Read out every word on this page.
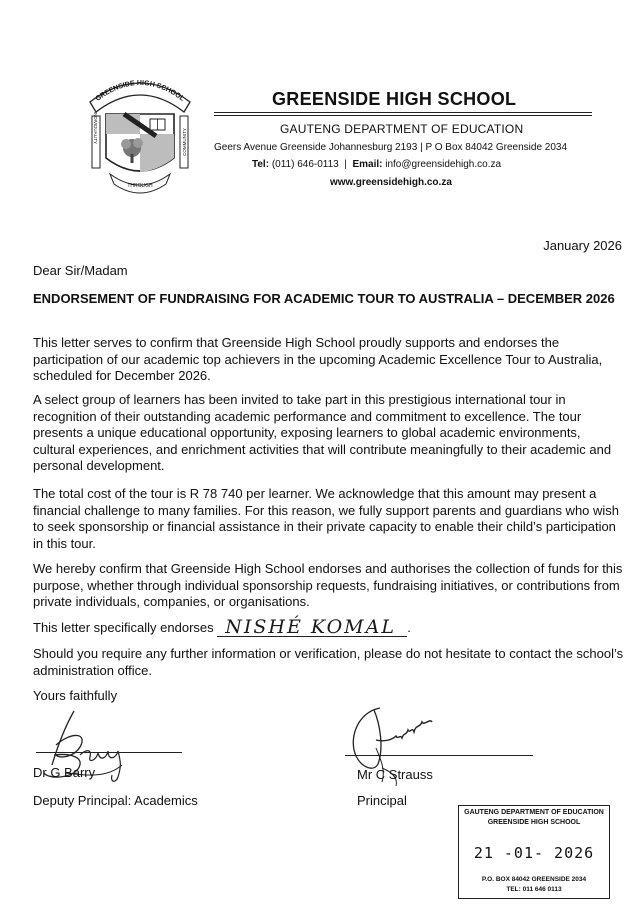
GREENSIDE HIGH SCHOOL
INDIVIDUALITY	COMMUNITY
THROUGH
GREENSIDE HIGH SCHOOL
GAUTENG DEPARTMENT OF EDUCATION
Geers Avenue Greenside Johannesburg 2193 | P O Box 84042 Greenside 2034
Tel: (011) 646-0113  |  Email: info@greensidehigh.co.za
www.greensidehigh.co.za
January 2026
Dear Sir/Madam
ENDORSEMENT OF FUNDRAISING FOR ACADEMIC TOUR TO AUSTRALIA – DECEMBER 2026
This letter serves to confirm that Greenside High School proudly supports and endorses the participation of our academic top achievers in the upcoming Academic Excellence Tour to Australia, scheduled for December 2026.
A select group of learners has been invited to take part in this prestigious international tour in recognition of their outstanding academic performance and commitment to excellence. The tour presents a unique educational opportunity, exposing learners to global academic environments, cultural experiences, and enrichment activities that will contribute meaningfully to their academic and personal development.
The total cost of the tour is R 78 740 per learner. We acknowledge that this amount may present a financial challenge to many families. For this reason, we fully support parents and guardians who wish to seek sponsorship or financial assistance in their private capacity to enable their child’s participation in this tour.
We hereby confirm that Greenside High School endorses and authorises the collection of funds for this purpose, whether through individual sponsorship requests, fundraising initiatives, or contributions from private individuals, companies, or organisations.
This letter specifically endorses NISHÉ KOMAL .
Should you require any further information or verification, please do not hesitate to contact the school’s administration office.
Yours faithfully
Dr G Barry
Deputy Principal: Academics
Mr C Strauss
Principal
GAUTENG DEPARTMENT OF EDUCATION
GREENSIDE HIGH SCHOOL
21 -01- 2026
P.O. BOX 84042 GREENSIDE 2034
TEL: 011 646 0113
